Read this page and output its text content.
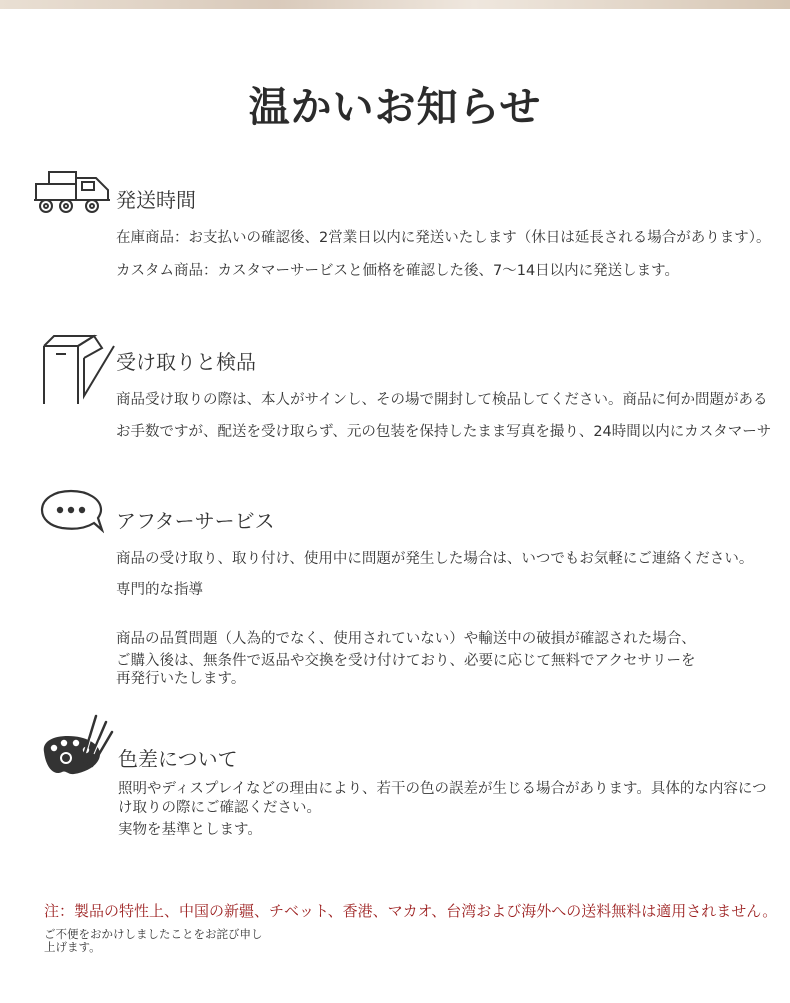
温かいお知らせ
発送時間
在庫商品：お支払いの確認後、2営業日以内に発送いたします（休日は延長される場合があります）。
カスタム商品：カスタマーサービスと価格を確認した後、7〜14日以内に発送します。
受け取りと検品
商品受け取りの際は、本人がサインし、その場で開封して検品してください。商品に何か問題がある
お手数ですが、配送を受け取らず、元の包装を保持したまま写真を撮り、24時間以内にカスタマーサ
アフターサービス
商品の受け取り、取り付け、使用中に問題が発生した場合は、いつでもお気軽にご連絡ください。
専門的な指導
商品の品質問題（人為的でなく、使用されていない）や輸送中の破損が確認された場合、
ご購入後は、無条件で返品や交換を受け付けており、必要に応じて無料でアクセサリーを再発行いたします。
色差について
照明やディスプレイなどの理由により、若干の色の誤差が生じる場合があります。具体的な内容につ
け取りの際にご確認ください。
実物を基準とします。
注：製品の特性上、中国の新疆、チベット、香港、マカオ、台湾および海外への送料無料は適用されません。
ご不便をおかけしましたことをお詫び申し上げます。
